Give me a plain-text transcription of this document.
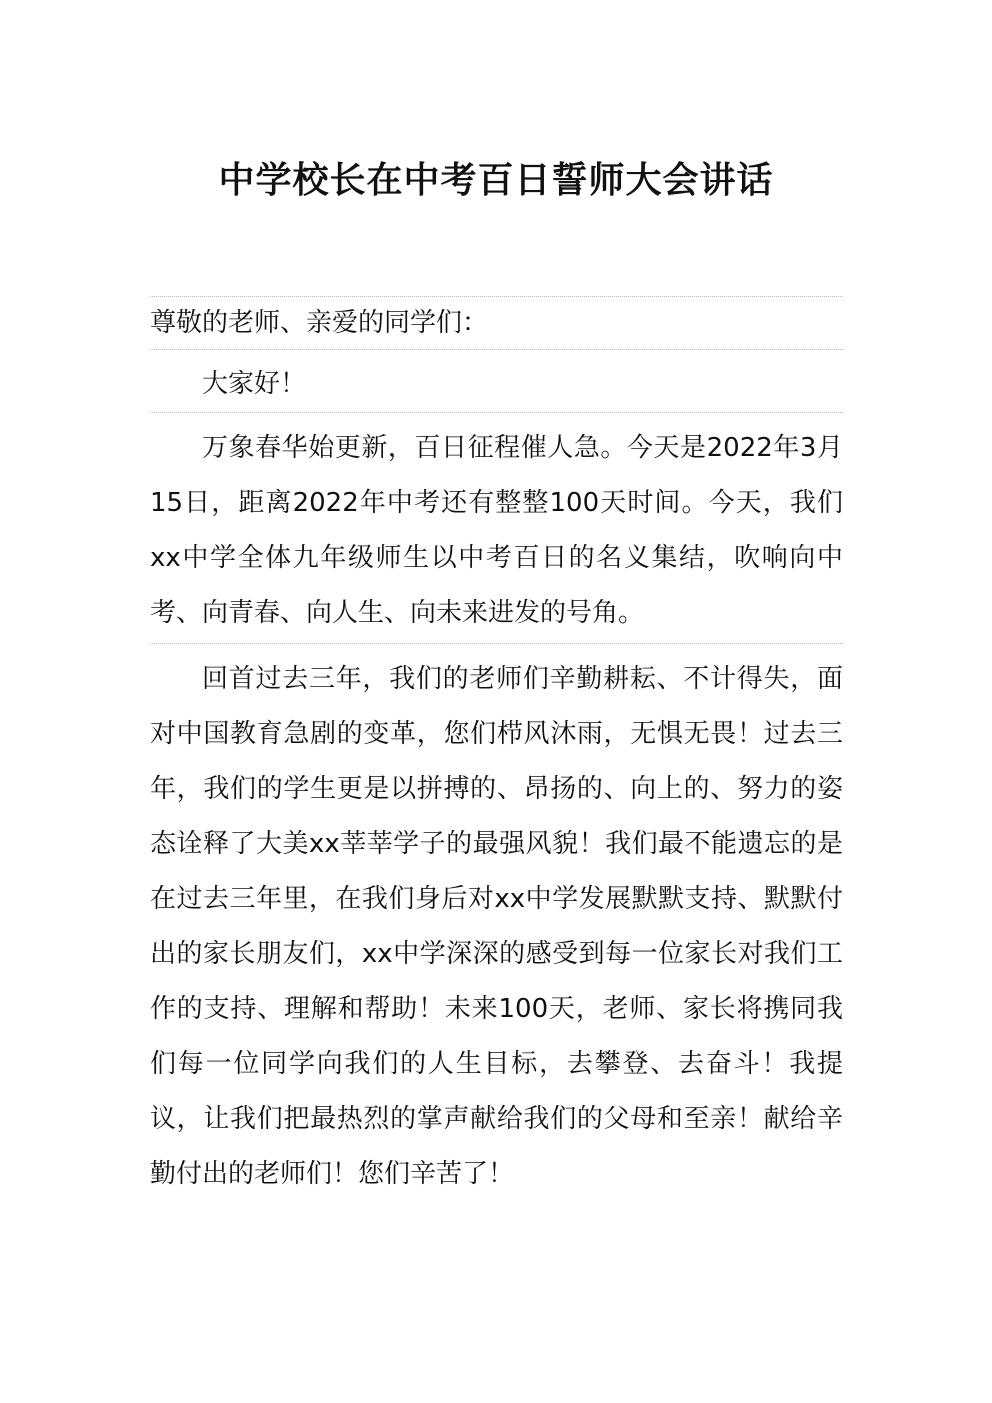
中学校长在中考百日誓师大会讲话

尊敬的老师、亲爱的同学们：

大家好！

万象春华始更新，百日征程催人急。今天是2022年3月15日，距离2022年中考还有整整100天时间。今天，我们xx中学全体九年级师生以中考百日的名义集结，吹响向中考、向青春、向人生、向未来进发的号角。

回首过去三年，我们的老师们辛勤耕耘、不计得失，面对中国教育急剧的变革，您们栉风沐雨，无惧无畏！过去三年，我们的学生更是以拼搏的、昂扬的、向上的、努力的姿态诠释了大美xx莘莘学子的最强风貌！我们最不能遗忘的是在过去三年里，在我们身后对xx中学发展默默支持、默默付出的家长朋友们，xx中学深深的感受到每一位家长对我们工作的支持、理解和帮助！未来100天，老师、家长将携同我们每一位同学向我们的人生目标，去攀登、去奋斗！我提议，让我们把最热烈的掌声献给我们的父母和至亲！献给辛勤付出的老师们！您们辛苦了！
